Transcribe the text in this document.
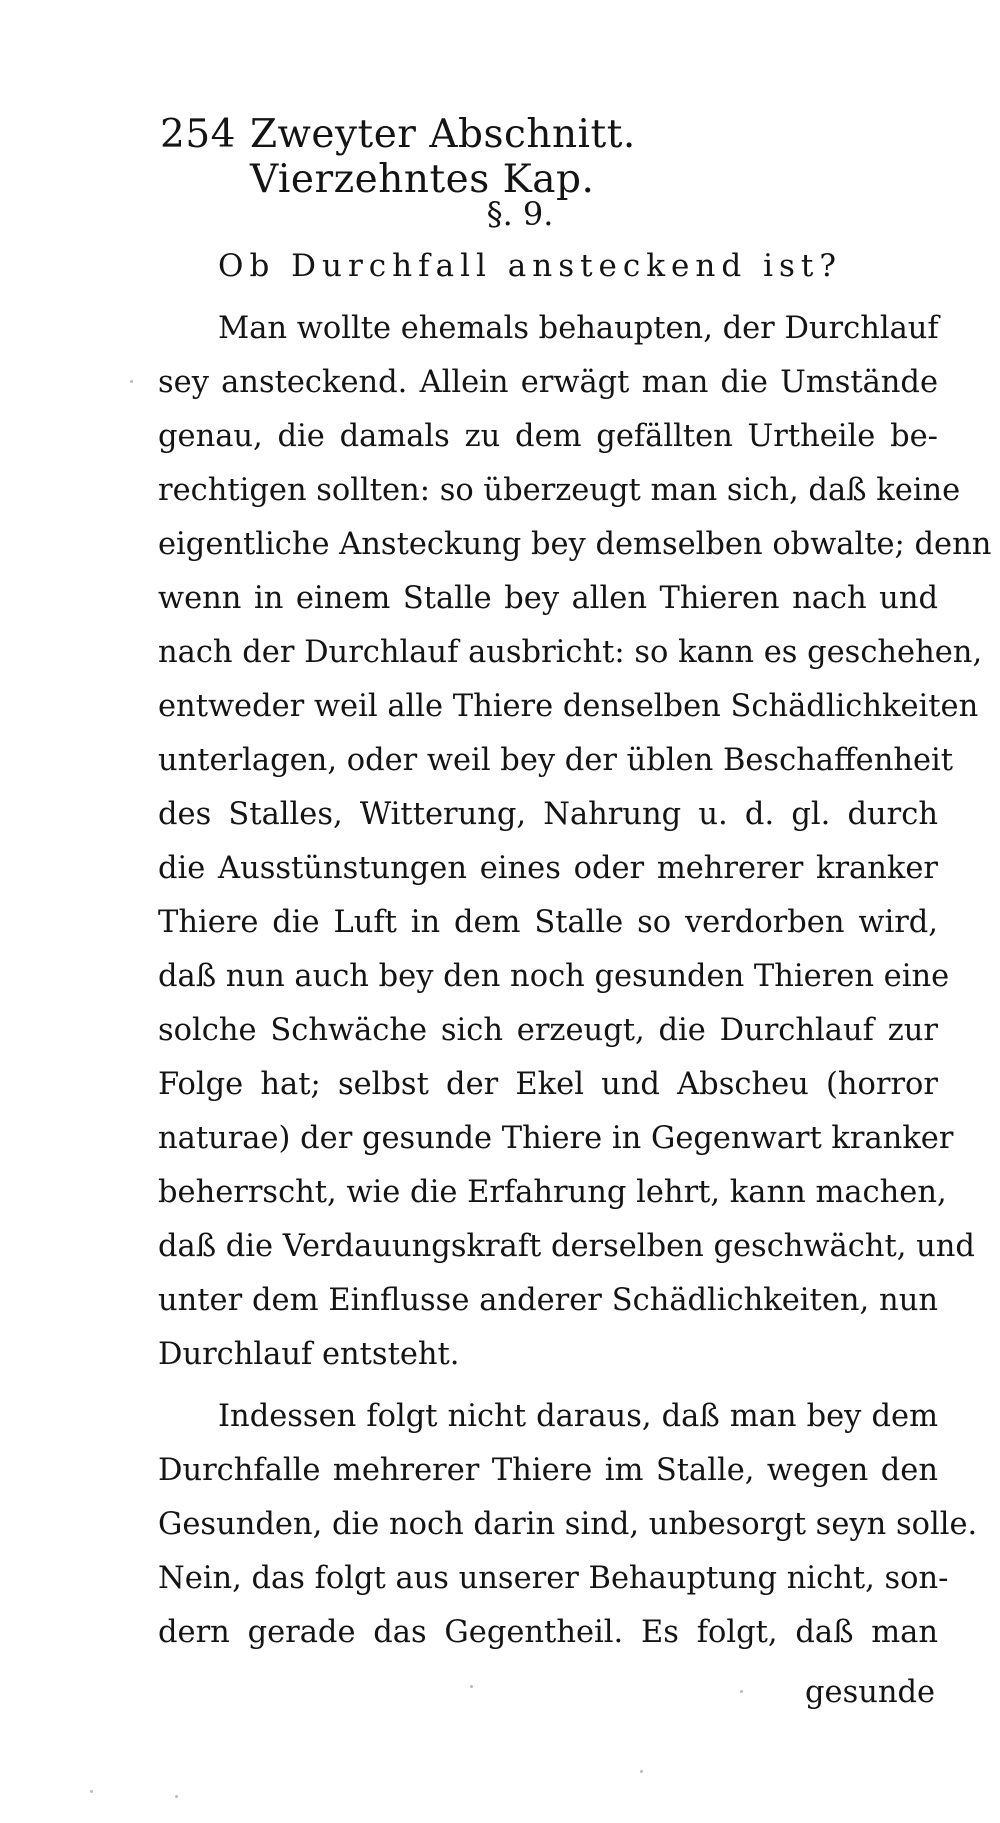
254 Zweyter Abschnitt. Vierzehntes Kap.
§. 9.
Ob Durchfall ansteckend ist?
Man wollte ehemals behaupten, der Durchlauf
sey ansteckend. Allein erwägt man die Umstände
genau, die damals zu dem gefällten Urtheile be-
rechtigen sollten: so überzeugt man sich, daß keine
eigentliche Ansteckung bey demselben obwalte; denn
wenn in einem Stalle bey allen Thieren nach und
nach der Durchlauf ausbricht: so kann es geschehen,
entweder weil alle Thiere denselben Schädlichkeiten
unterlagen, oder weil bey der üblen Beschaffenheit
des Stalles, Witterung, Nahrung u. d. gl. durch
die Ausstünstungen eines oder mehrerer kranker
Thiere die Luft in dem Stalle so verdorben wird,
daß nun auch bey den noch gesunden Thieren eine
solche Schwäche sich erzeugt, die Durchlauf zur
Folge hat; selbst der Ekel und Abscheu (horror
naturae) der gesunde Thiere in Gegenwart kranker
beherrscht, wie die Erfahrung lehrt, kann machen,
daß die Verdauungskraft derselben geschwächt, und
unter dem Einflusse anderer Schädlichkeiten, nun
Durchlauf entsteht.
Indessen folgt nicht daraus, daß man bey dem
Durchfalle mehrerer Thiere im Stalle, wegen den
Gesunden, die noch darin sind, unbesorgt seyn solle.
Nein, das folgt aus unserer Behauptung nicht, son-
dern gerade das Gegentheil. Es folgt, daß man
gesunde
